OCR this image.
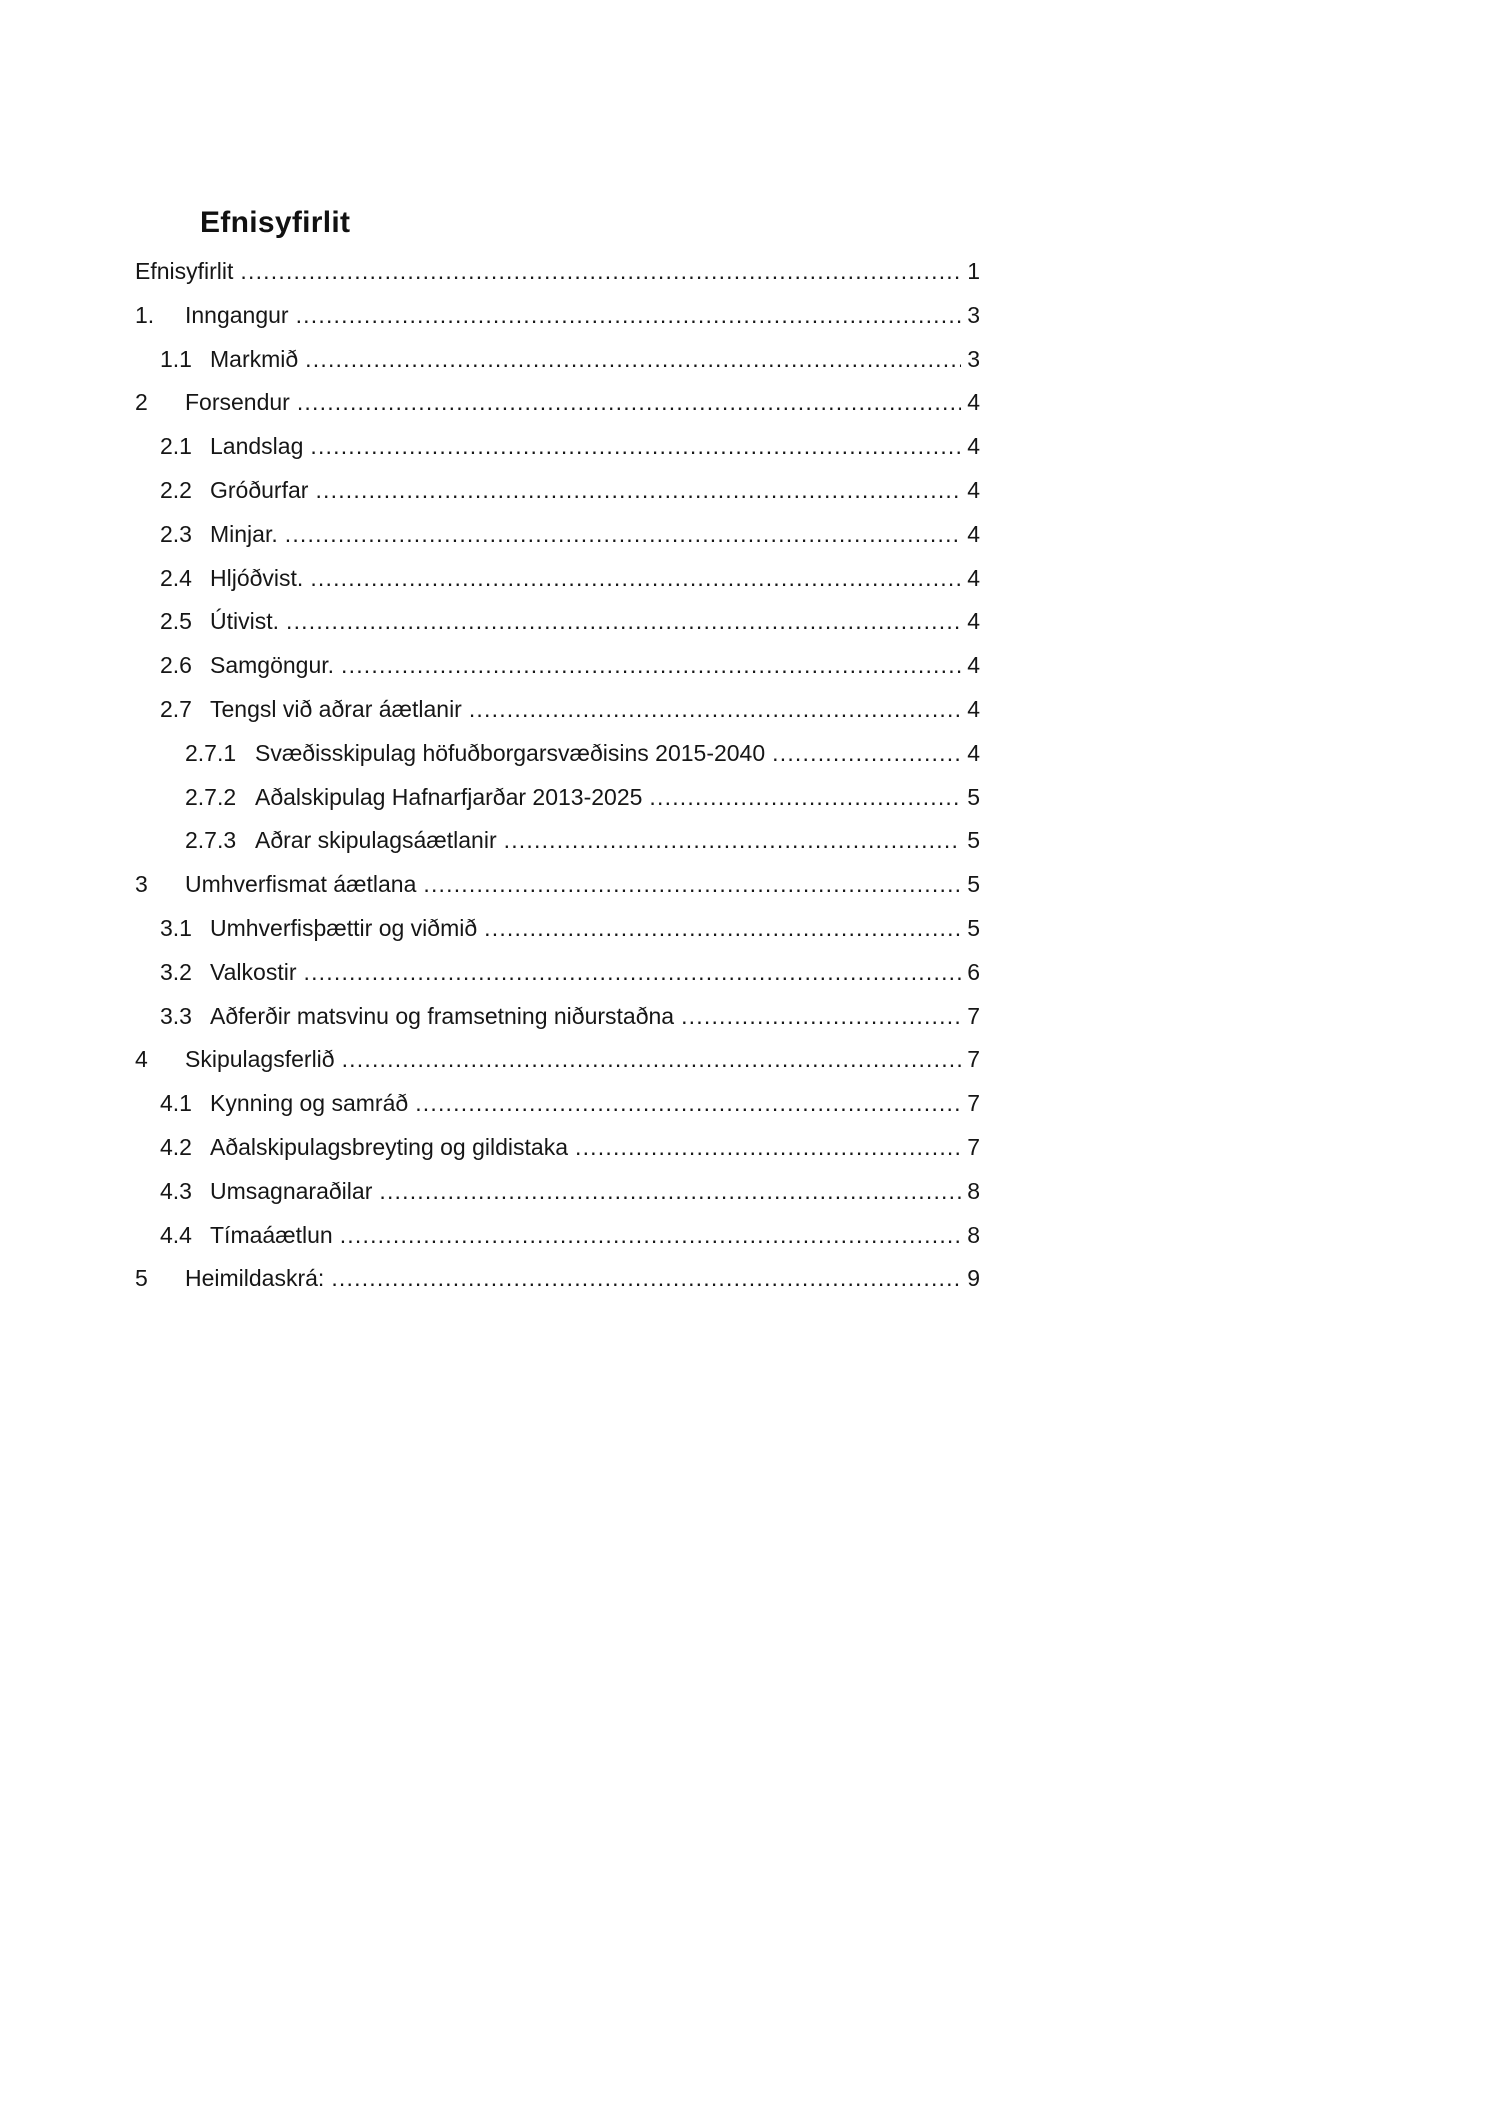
Efnisyfirlit
Efnisyfirlit .....	1
1.	Inngangur .....	3
1.1 Markmið .....	3
2	Forsendur .....	4
2.1 Landslag .....	4
2.2 Gróðurfar .....	4
2.3 Minjar. .....	4
2.4 Hljóðvist. .....	4
2.5 Útivist. .....	4
2.6 Samgöngur. .....	4
2.7 Tengsl við aðrar áætlanir .....	4
2.7.1 Svæðisskipulag höfuðborgarsvæðisins 2015-2040 .....	4
2.7.2 Aðalskipulag Hafnarfjarðar 2013-2025 .....	5
2.7.3 Aðrar skipulagsáætlanir .....	5
3	Umhverfismat áætlana .....	5
3.1 Umhverfisþættir og viðmið .....	5
3.2 Valkostir .....	6
3.3 Aðferðir matsvinu og framsetning niðurstaðna .....	7
4	Skipulagsferlið .....	7
4.1 Kynning og samráð .....	7
4.2 Aðalskipulagsbreyting og gildistaka .....	7
4.3 Umsagnaraðilar .....	8
4.4 Tímaáætlun .....	8
5	Heimildaskrá: .....	9
